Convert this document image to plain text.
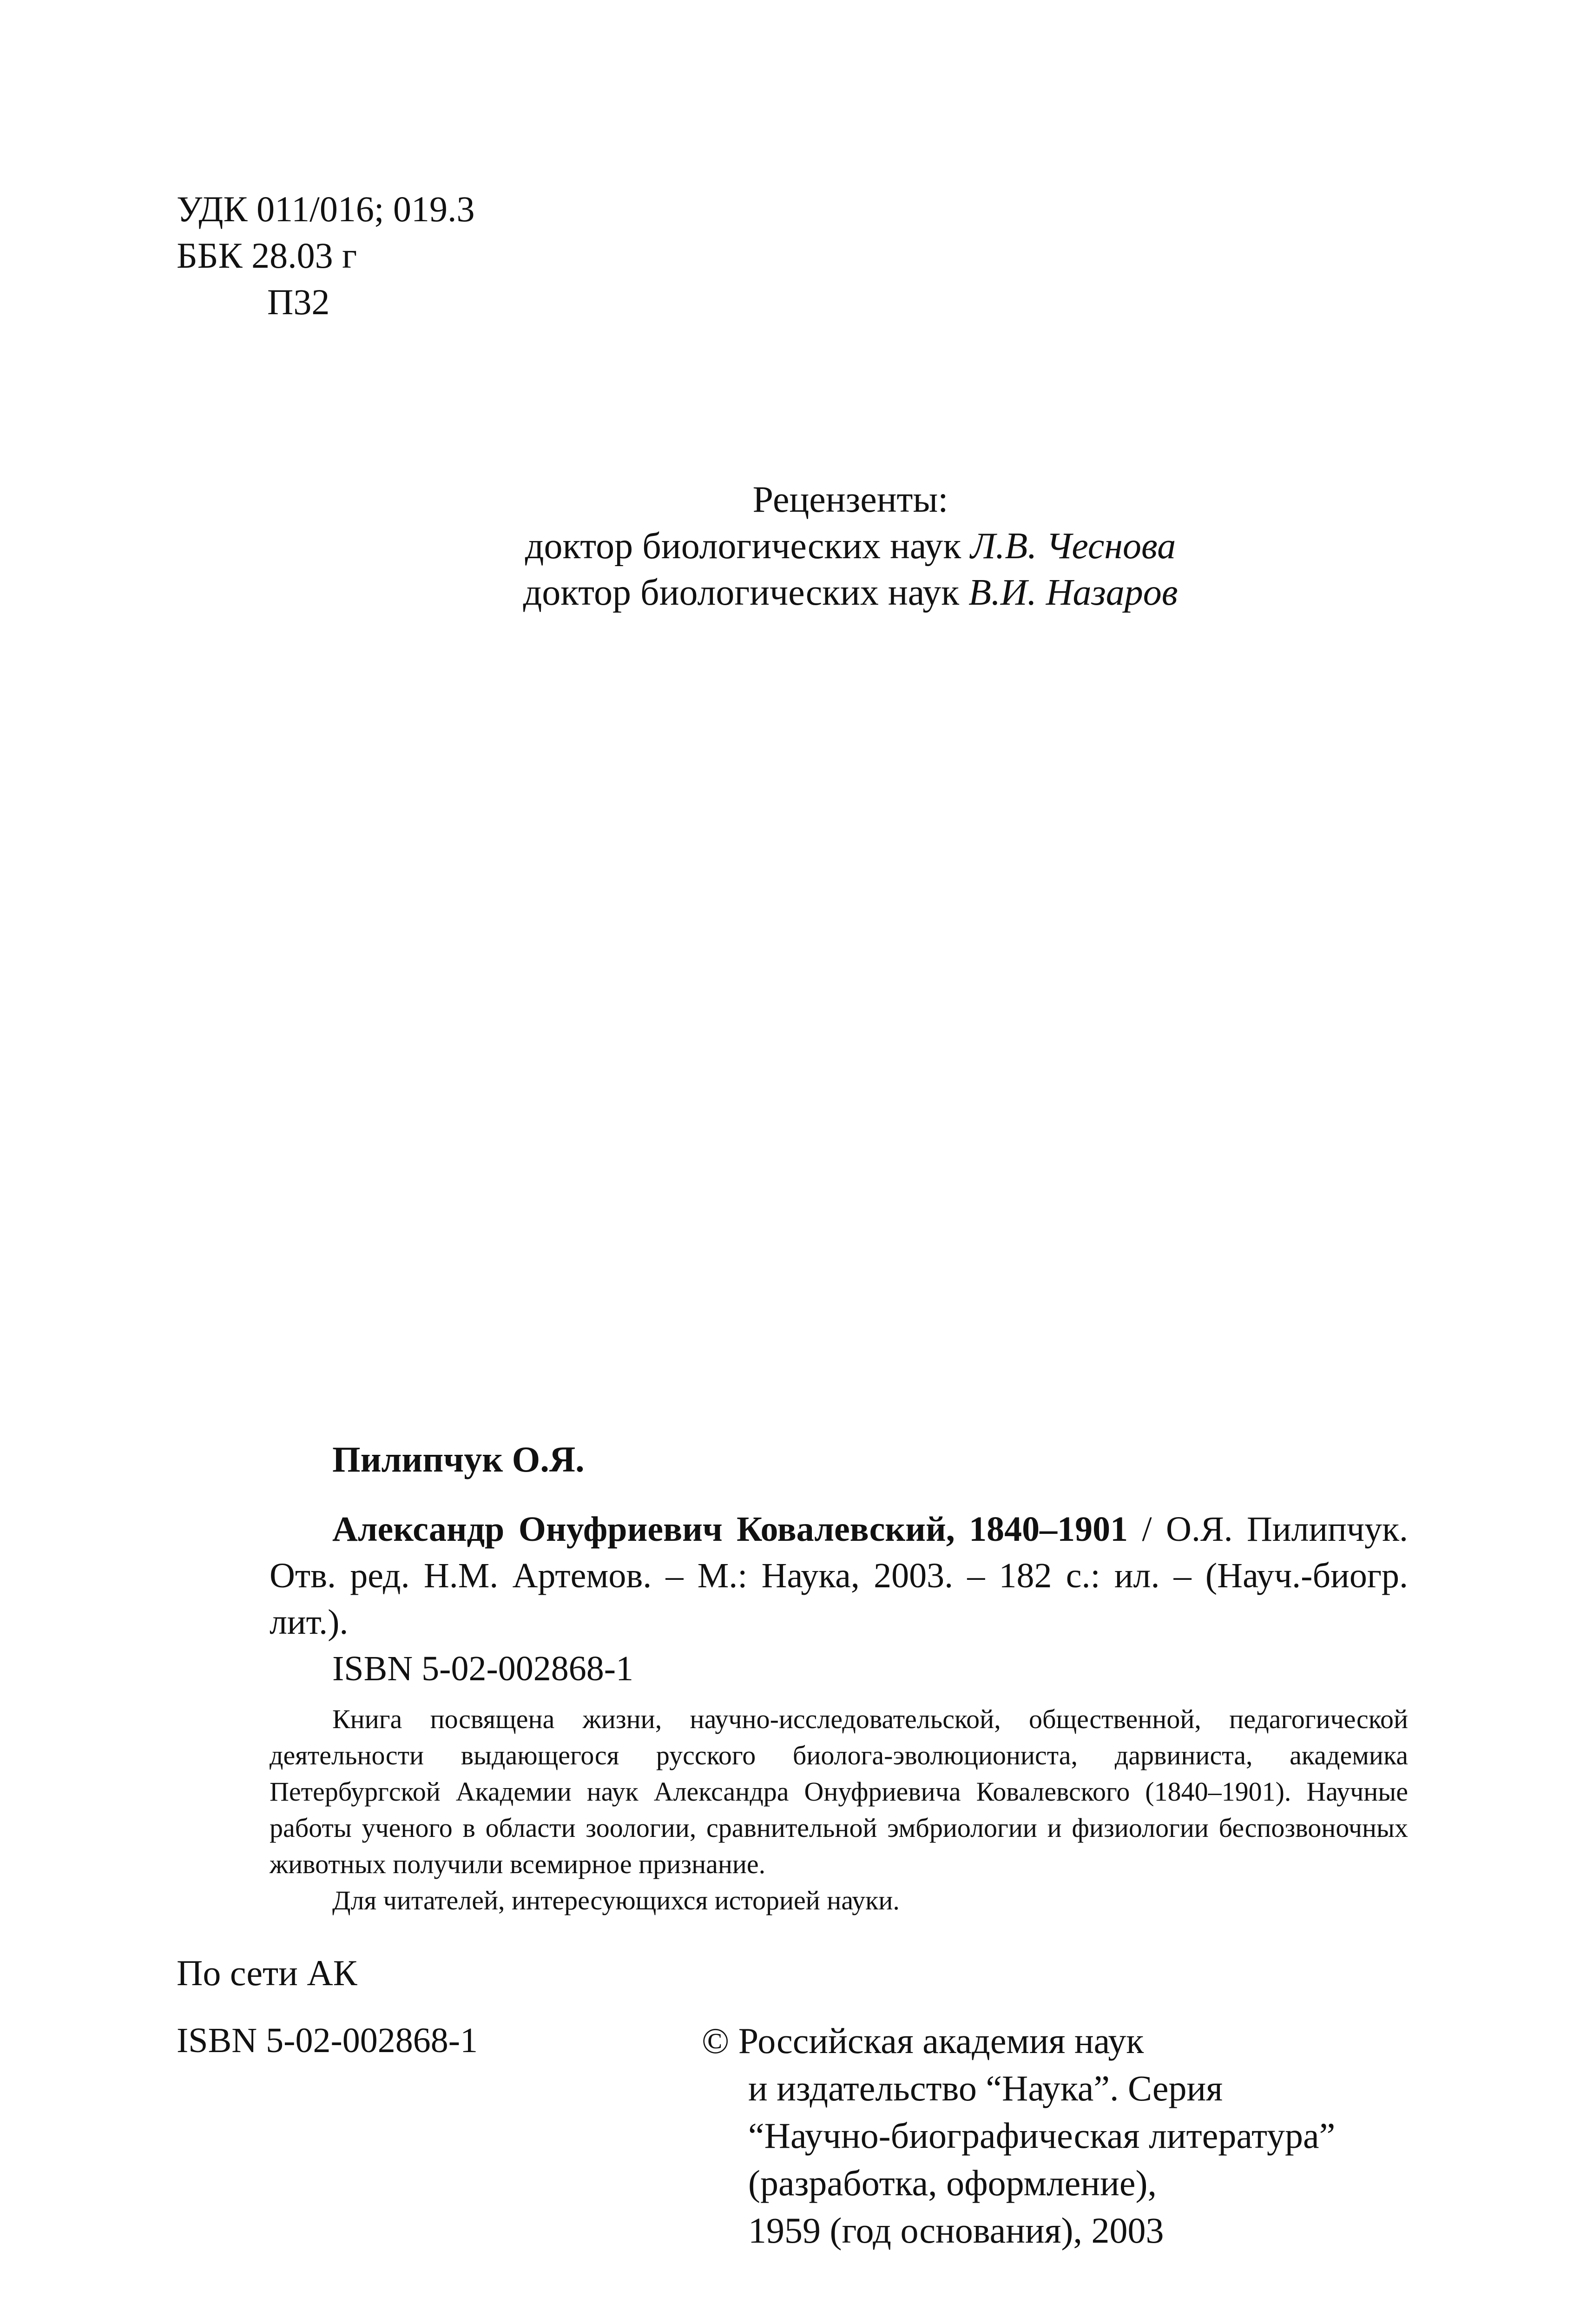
УДК 011/016; 019.3
ББК 28.03 г
П32
Рецензенты:
доктор биологических наук Л.В. Чеснова
доктор биологических наук В.И. Назаров
Пилипчук О.Я.
Александр Онуфриевич Ковалевский, 1840–1901 / О.Я. Пилипчук. Отв. ред. Н.М. Артемов. – М.: Наука, 2003. – 182 с.: ил. – (Науч.-биогр. лит.).
ISBN 5-02-002868-1
Книга посвящена жизни, научно-исследовательской, общественной, педагогической деятельности выдающегося русского биолога-эволюциониста, дарвиниста, академика Петербургской Академии наук Александра Онуфриевича Ковалевского (1840–1901). Научные работы ученого в области зоологии, сравнительной эмбриологии и физиологии беспозвоночных животных получили всемирное признание.
Для читателей, интересующихся историей науки.
По сети АК
ISBN 5-02-002868-1	© Российская академия наук
и издательство “Наука”. Серия
“Научно-биографическая литература”
(разработка, оформление),
1959 (год основания), 2003
